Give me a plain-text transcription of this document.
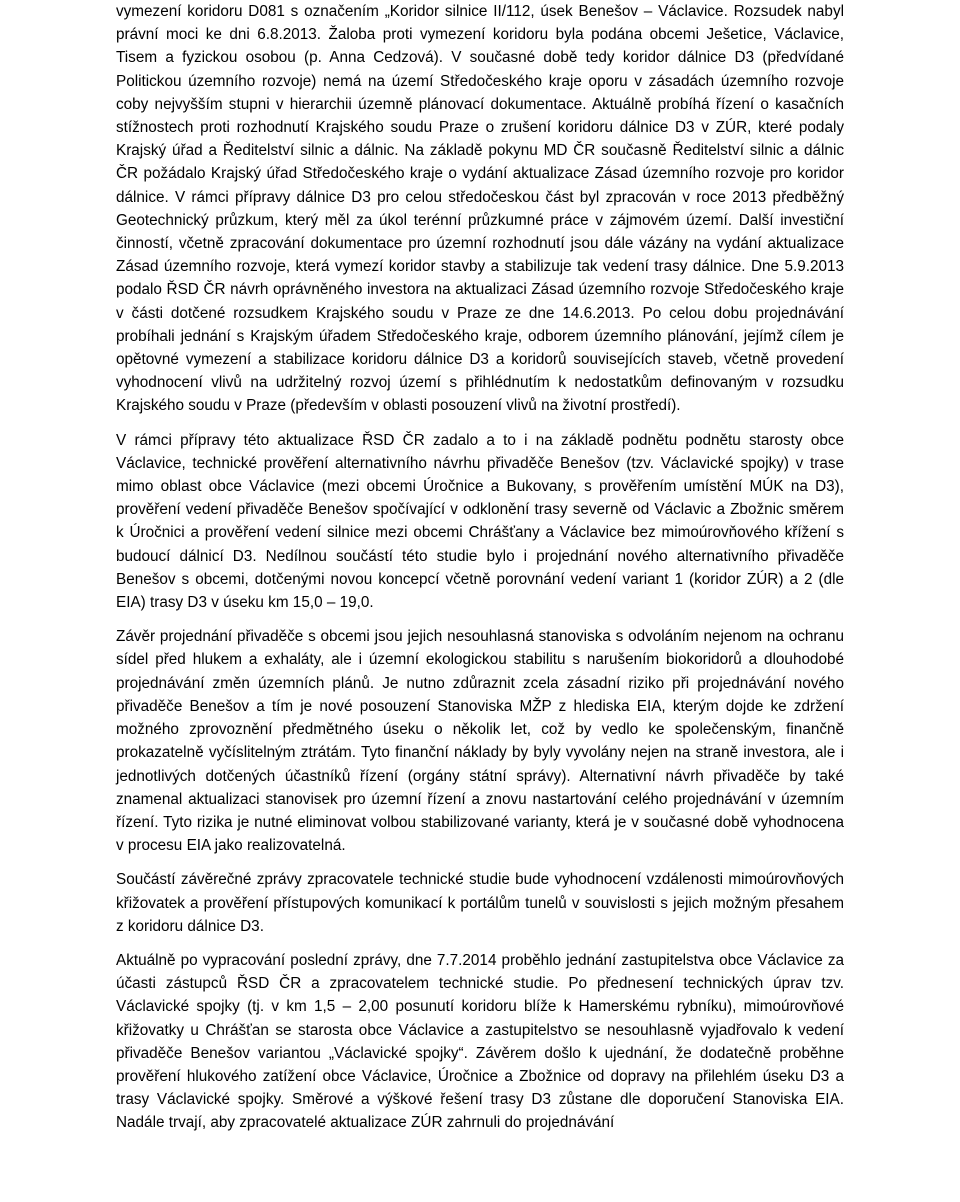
vymezení koridoru D081 s označením „Koridor silnice II/112, úsek Benešov – Václavice. Rozsudek nabyl právní moci ke dni 6.8.2013. Žaloba proti vymezení koridoru byla podána obcemi Ješetice, Václavice, Tisem a fyzickou osobou (p. Anna Cedzová). V současné době tedy koridor dálnice D3 (předvídané Politickou územního rozvoje) nemá na území Středočeského kraje oporu v zásadách územního rozvoje coby nejvyšším stupni v hierarchii územně plánovací dokumentace. Aktuálně probíhá řízení o kasačních stížnostech proti rozhodnutí Krajského soudu Praze o zrušení koridoru dálnice D3 v ZÚR, které podaly Krajský úřad a Ředitelství silnic a dálnic. Na základě pokynu MD ČR současně Ředitelství silnic a dálnic ČR požádalo Krajský úřad Středočeského kraje o vydání aktualizace Zásad územního rozvoje pro koridor dálnice. V rámci přípravy dálnice D3 pro celou středočeskou část byl zpracován v roce 2013 předběžný Geotechnický průzkum, který měl za úkol terénní průzkumné práce v zájmovém území. Další investiční činností, včetně zpracování dokumentace pro územní rozhodnutí jsou dále vázány na vydání aktualizace Zásad územního rozvoje, která vymezí koridor stavby a stabilizuje tak vedení trasy dálnice. Dne 5.9.2013 podalo ŘSD ČR návrh oprávněného investora na aktualizaci Zásad územního rozvoje Středočeského kraje v části dotčené rozsudkem Krajského soudu v Praze ze dne 14.6.2013. Po celou dobu projednávání probíhali jednání s Krajským úřadem Středočeského kraje, odborem územního plánování, jejímž cílem je opětovné vymezení a stabilizace koridoru dálnice D3 a koridorů souvisejících staveb, včetně provedení vyhodnocení vlivů na udržitelný rozvoj území s přihlédnutím k nedostatkům definovaným v rozsudku Krajského soudu v Praze (především v oblasti posouzení vlivů na životní prostředí).

V rámci přípravy této aktualizace ŘSD ČR zadalo a to i na základě podnětu podnětu starosty obce Václavice, technické prověření alternativního návrhu přivaděče Benešov (tzv. Václavické spojky) v trase mimo oblast obce Václavice (mezi obcemi Úročnice a Bukovany, s prověřením umístění MÚK na D3), prověření vedení přivaděče Benešov spočívající v odklonění trasy severně od Václavic a Zbožnic směrem k Úročnici a prověření vedení silnice mezi obcemi Chrášťany a Václavice bez mimoúrovňového křížení s budoucí dálnicí D3. Nedílnou součástí této studie bylo i projednání nového alternativního přivaděče Benešov s obcemi, dotčenými novou koncepcí včetně porovnání vedení variant 1 (koridor ZÚR) a 2 (dle EIA) trasy D3 v úseku km 15,0 – 19,0.

Závěr projednání přivaděče s obcemi jsou jejich nesouhlasná stanoviska s odvoláním nejenom na ochranu sídel před hlukem a exhaláty, ale i územní ekologickou stabilitu s narušením biokoridorů a dlouhodobé projednávání změn územních plánů. Je nutno zdůraznit zcela zásadní riziko při projednávání nového přivaděče Benešov a tím je nové posouzení Stanoviska MŽP z hlediska EIA, kterým dojde ke zdržení možného zprovoznění předmětného úseku o několik let, což by vedlo ke společenským, finančně prokazatelně vyčíslitelným ztrátám. Tyto finanční náklady by byly vyvolány nejen na straně investora, ale i jednotlivých dotčených účastníků řízení (orgány státní správy). Alternativní návrh přivaděče by také znamenal aktualizaci stanovisek pro územní řízení a znovu nastartování celého projednávání v územním řízení. Tyto rizika je nutné eliminovat volbou stabilizované varianty, která je v současné době vyhodnocena v procesu EIA jako realizovatelná.

Součástí závěrečné zprávy zpracovatele technické studie bude vyhodnocení vzdálenosti mimoúrovňových křižovatek a prověření přístupových komunikací k portálům tunelů v souvislosti s jejich možným přesahem z koridoru dálnice D3.

Aktuálně po vypracování poslední zprávy, dne 7.7.2014 proběhlo jednání zastupitelstva obce Václavice za účasti zástupců ŘSD ČR a zpracovatelem technické studie. Po přednesení technických úprav tzv. Václavické spojky (tj. v km 1,5 – 2,00 posunutí koridoru blíže k Hamerskému rybníku), mimoúrovňové křižovatky u Chrášťan se starosta obce Václavice a zastupitelstvo se nesouhlasně vyjadřovalo k vedení přivaděče Benešov variantou „Václavické spojky“. Závěrem došlo k ujednání, že dodatečně proběhne prověření hlukového zatížení obce Václavice, Úročnice a Zbožnice od dopravy na přilehlém úseku D3 a trasy Václavické spojky. Směrové a výškové řešení trasy D3 zůstane dle doporučení Stanoviska EIA. Nadále trvají, aby zpracovatelé aktualizace ZÚR zahrnuli do projednávání
